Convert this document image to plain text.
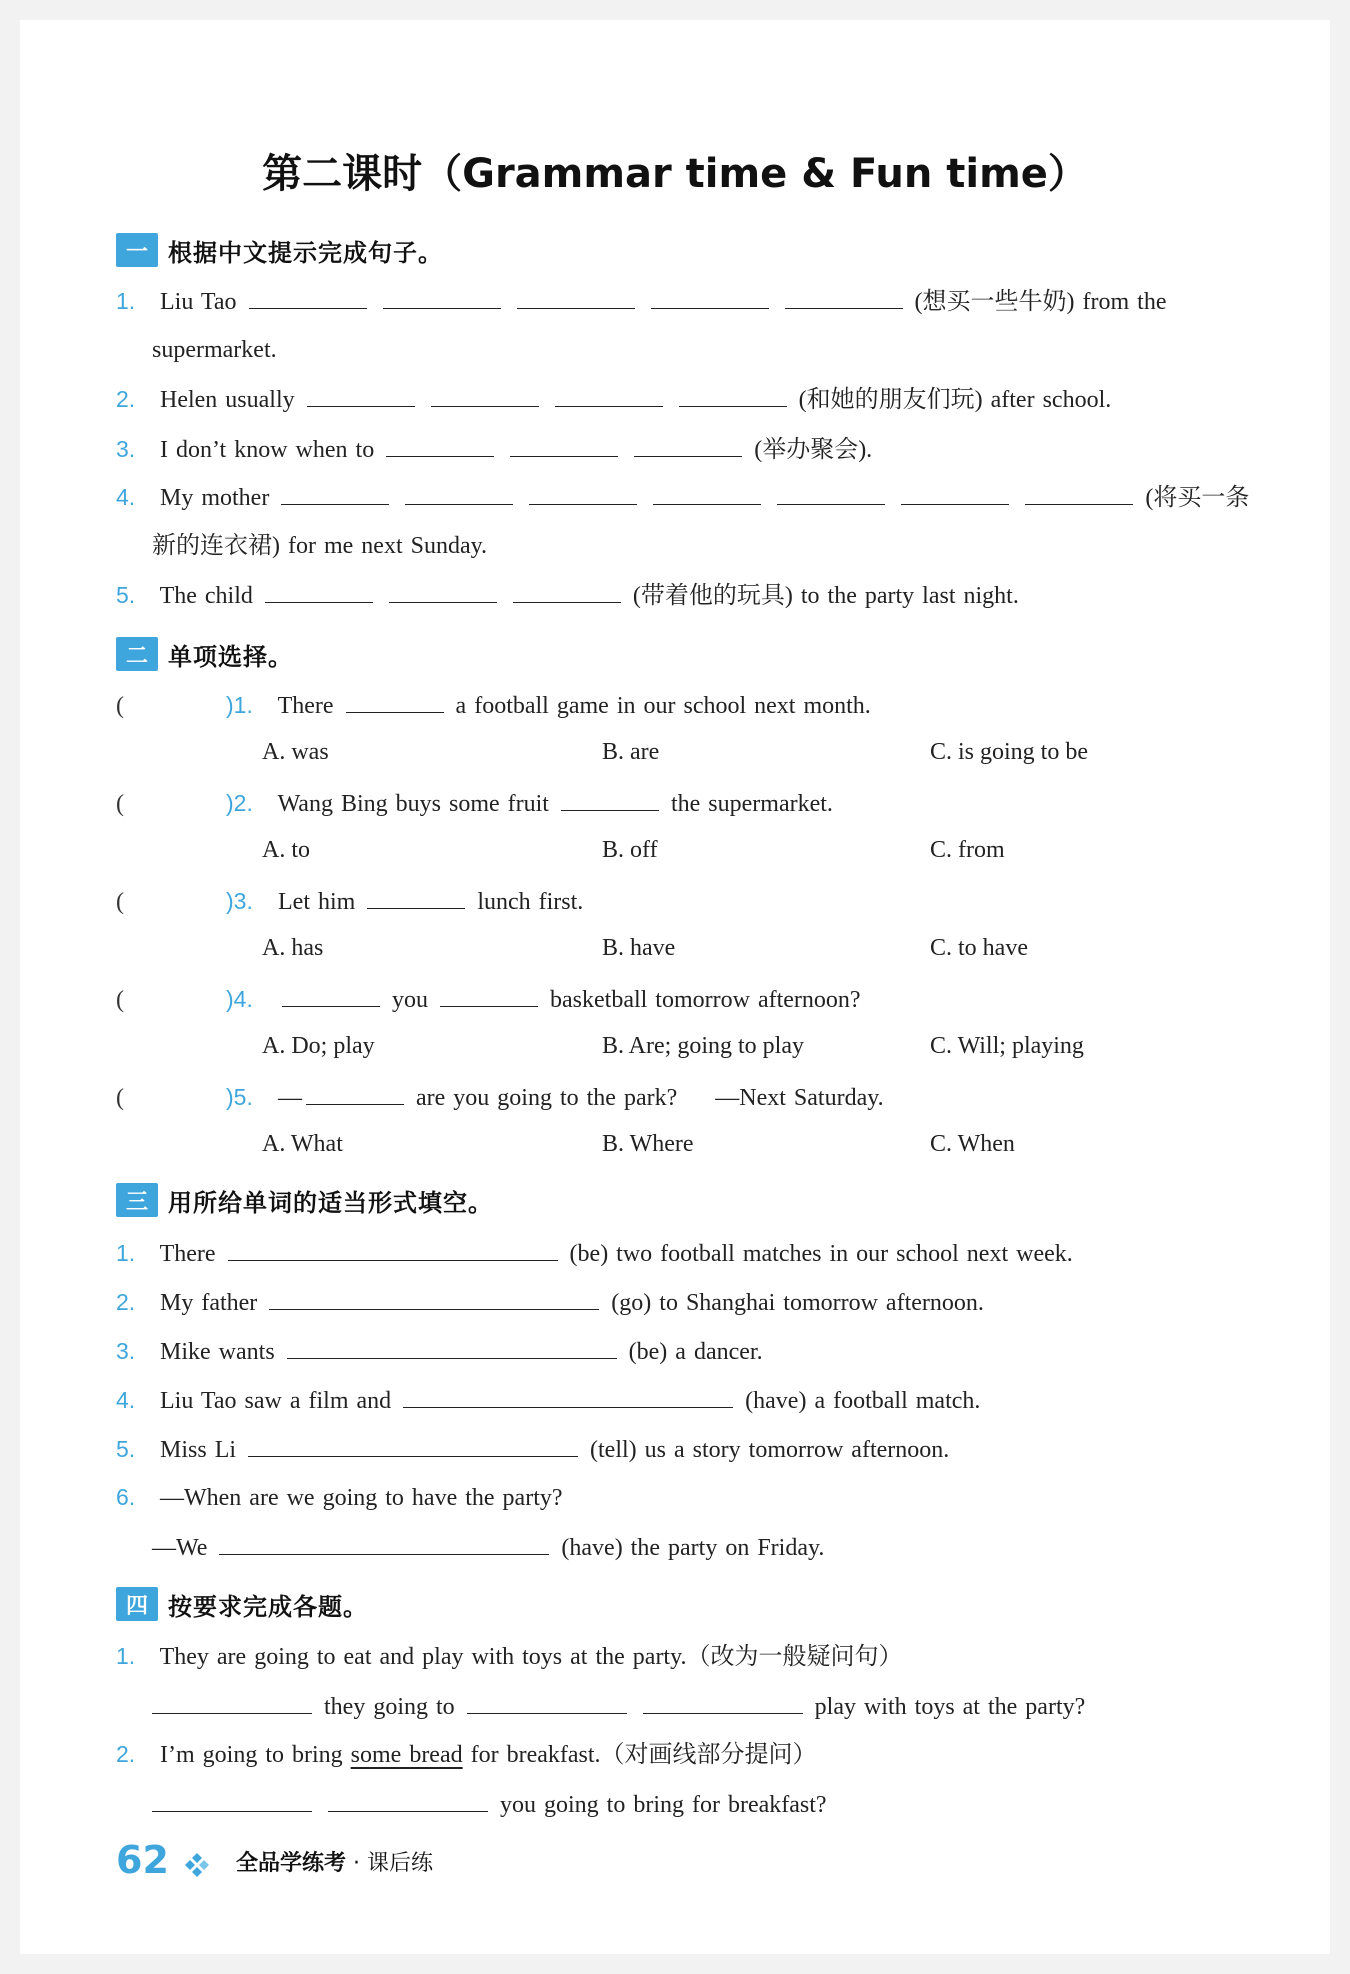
第二课时（Grammar time & Fun time）
一 根据中文提示完成句子。
1. Liu Tao	(想买一些牛奶) from the
supermarket.
2. Helen usually	(和她的朋友们玩) after school.
3. I don’t know when to	(举办聚会).
4. My mother	(将买一条
新的连衣裙) for me next Sunday.
5. The child	(带着他的玩具) to the party last night.
二 单项选择。
(	)1. There	a football game in our school next month.
A. was	B. are	C. is going to be
(	)2. Wang Bing buys some fruit	the supermarket.
A. to	B. off	C. from
(	)3. Let him	lunch first.
A. has	B. have	C. to have
(	)4.	you	basketball tomorrow afternoon?
A. Do; play	B. Are; going to play	C. Will; playing
(	)5. —	are you going to the park? —Next Saturday.
A. What	B. Where	C. When
三 用所给单词的适当形式填空。
1. There	(be) two football matches in our school next week.
2. My father	(go) to Shanghai tomorrow afternoon.
3. Mike wants	(be) a dancer.
4. Liu Tao saw a film and	(have) a football match.
5. Miss Li	(tell) us a story tomorrow afternoon.
6. —When are we going to have the party?
—We	(have) the party on Friday.
四 按要求完成各题。
1. They are going to eat and play with toys at the party.（改为一般疑问句）
they going to	play with toys at the party?
2. I’m going to bring some bread for breakfast.（对画线部分提问）
you going to bring for breakfast?
62	全品学练考 · 课后练
